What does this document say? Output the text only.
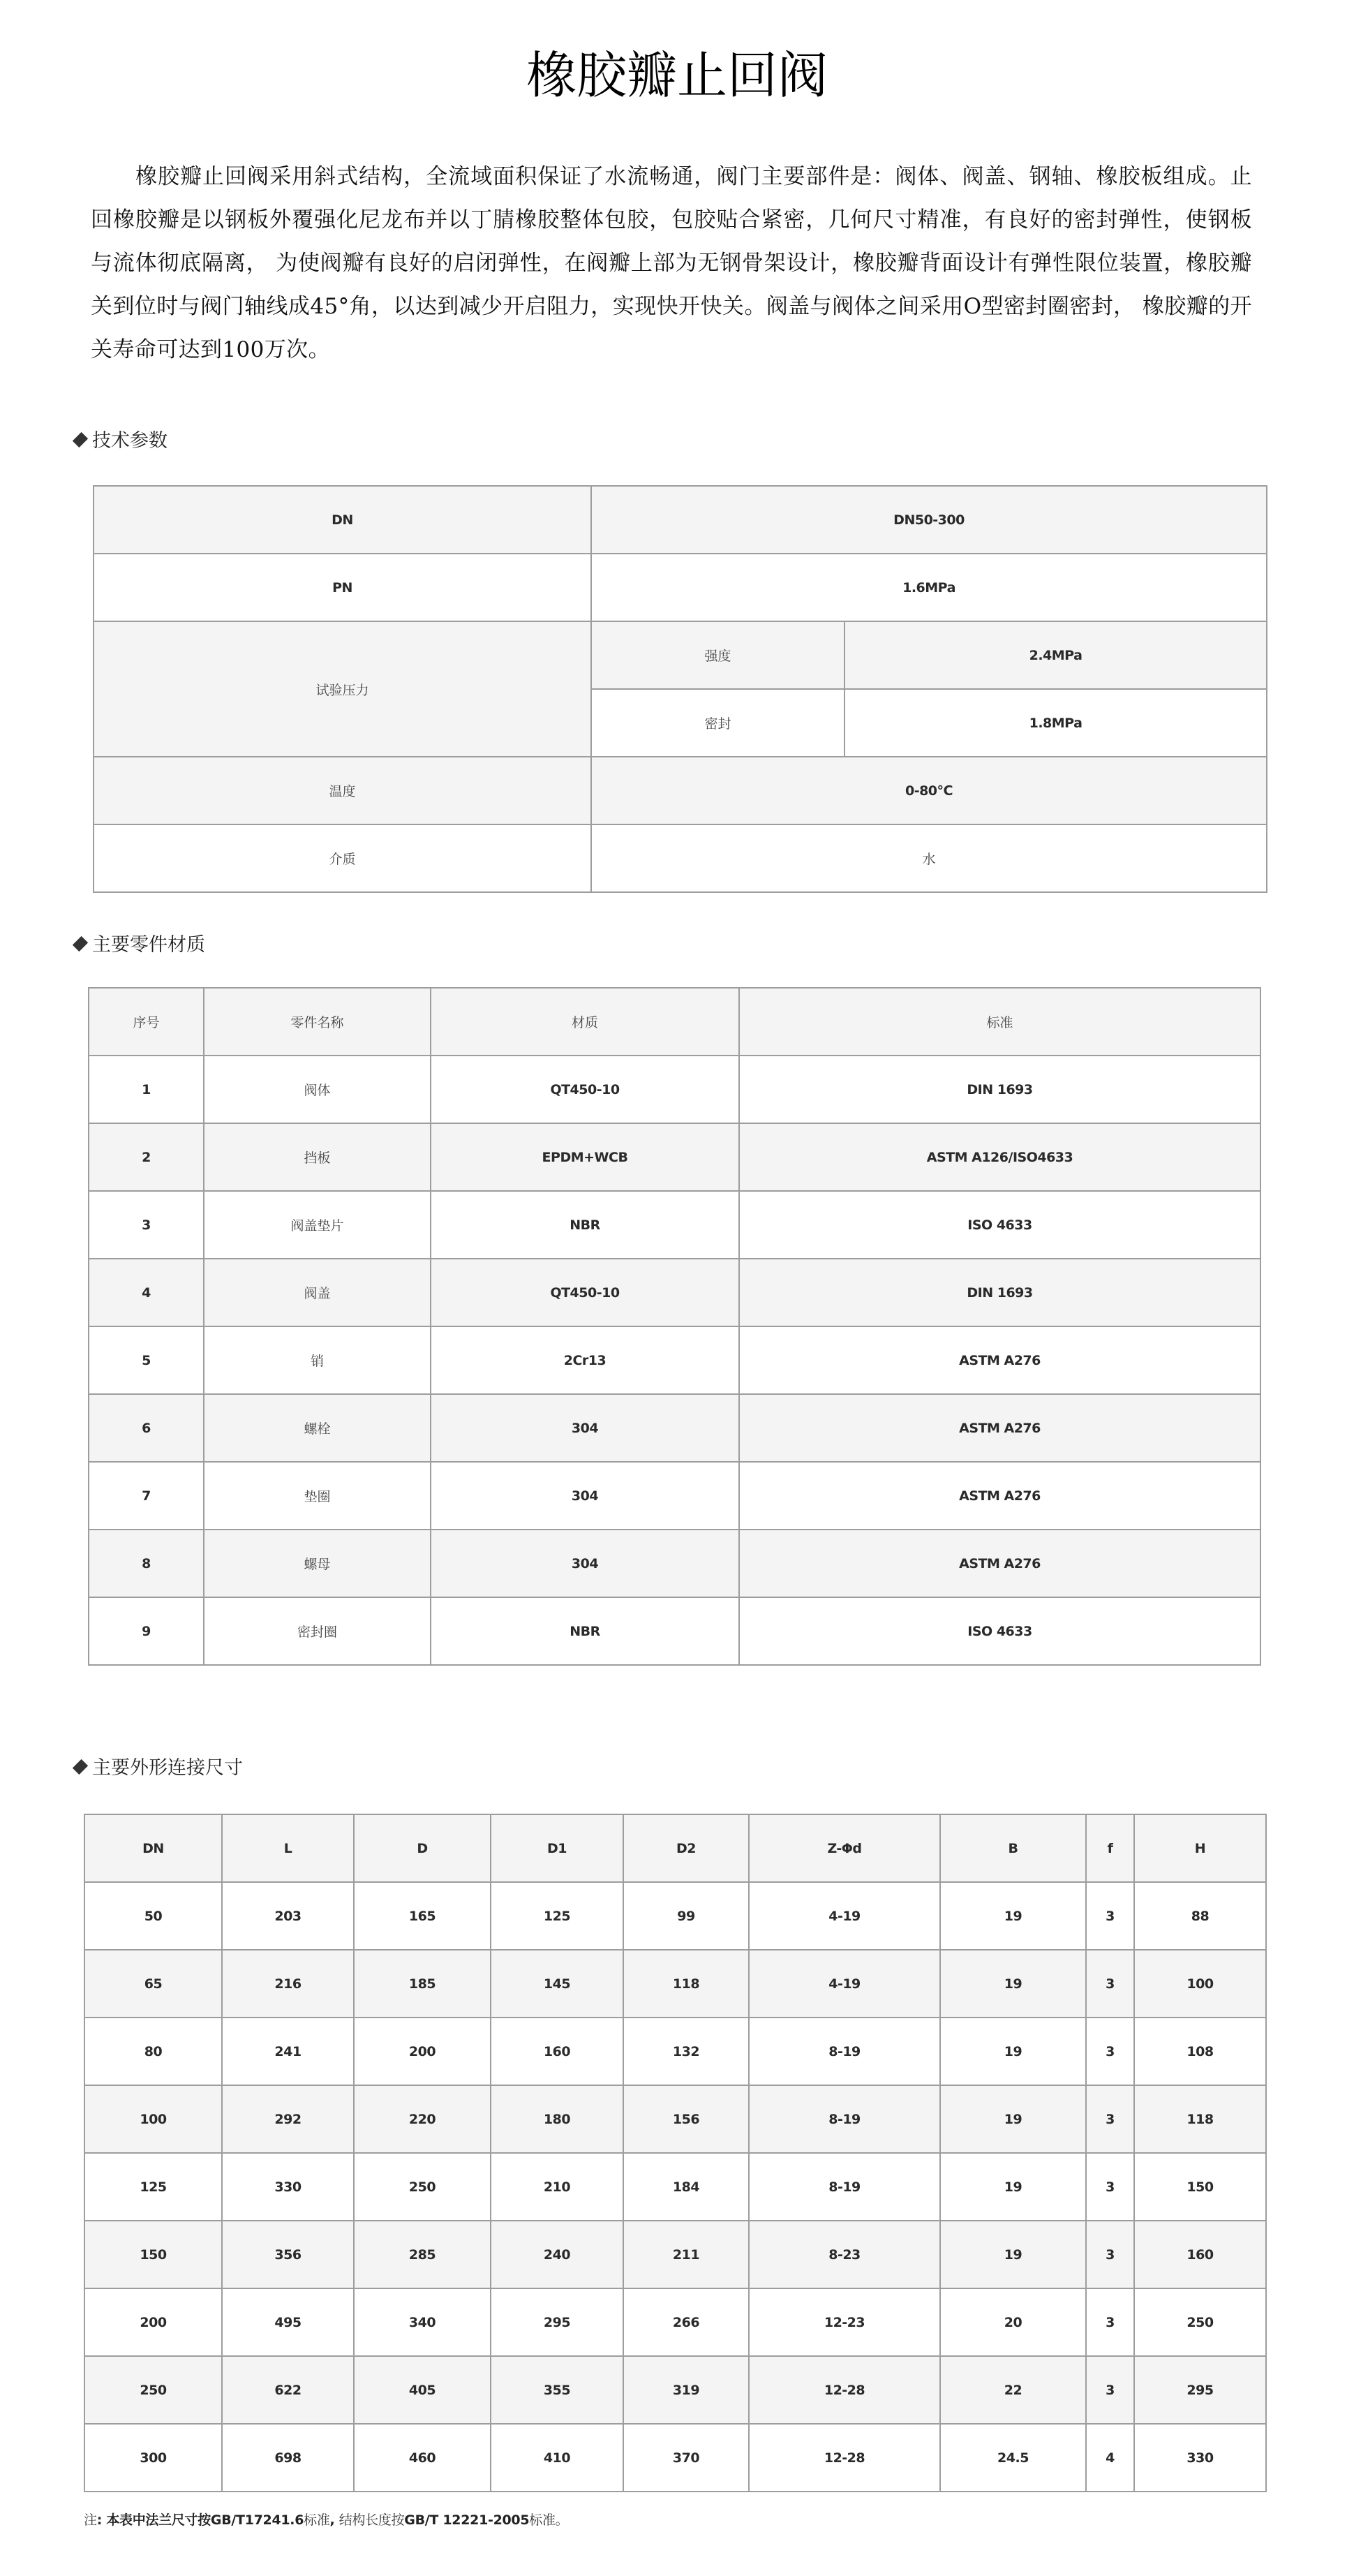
橡胶瓣止回阀

橡胶瓣止回阀采用斜式结构，全流域面积保证了水流畅通，阀门主要部件是：阀体、阀盖、钢轴、橡胶板组成。止回橡胶瓣是以钢板外覆强化尼龙布并以丁腈橡胶整体包胶，包胶贴合紧密，几何尺寸精准，有良好的密封弹性，使钢板与流体彻底隔离， 为使阀瓣有良好的启闭弹性，在阀瓣上部为无钢骨架设计，橡胶瓣背面设计有弹性限位装置，橡胶瓣关到位时与阀门轴线成45°角，以达到减少开启阻力，实现快开快关。阀盖与阀体之间采用O型密封圈密封， 橡胶瓣的开关寿命可达到100万次。

技术参数
DN	DN50-300	
PN	1.6MPa	
试验压力	强度	2.4MPa
	密封	1.8MPa
温度	0-80℃	
介质	水	
主要零件材质
序号	零件名称	材质	标准
1	阀体	QT450-10	DIN 1693
2	挡板	EPDM+WCB	ASTM A126/ISO4633
3	阀盖垫片	NBR	ISO 4633
4	阀盖	QT450-10	DIN 1693
5	销	2Cr13	ASTM A276
6	螺栓	304	ASTM A276
7	垫圈	304	ASTM A276
8	螺母	304	ASTM A276
9	密封圈	NBR	ISO 4633
主要外形连接尺寸
DN	L	D	D1	D2	Z-Φd	B	f	H
50	203	165	125	99	4-19	19	3	88
65	216	185	145	118	4-19	19	3	100
80	241	200	160	132	8-19	19	3	108
100	292	220	180	156	8-19	19	3	118
125	330	250	210	184	8-19	19	3	150
150	356	285	240	211	8-23	19	3	160
200	495	340	295	266	12-23	20	3	250
250	622	405	355	319	12-28	22	3	295
300	698	460	410	370	12-28	24.5	4	330

注: 本表中法兰尺寸按GB/T17241.6标准, 结构长度按GB/T 12221-2005标准。
